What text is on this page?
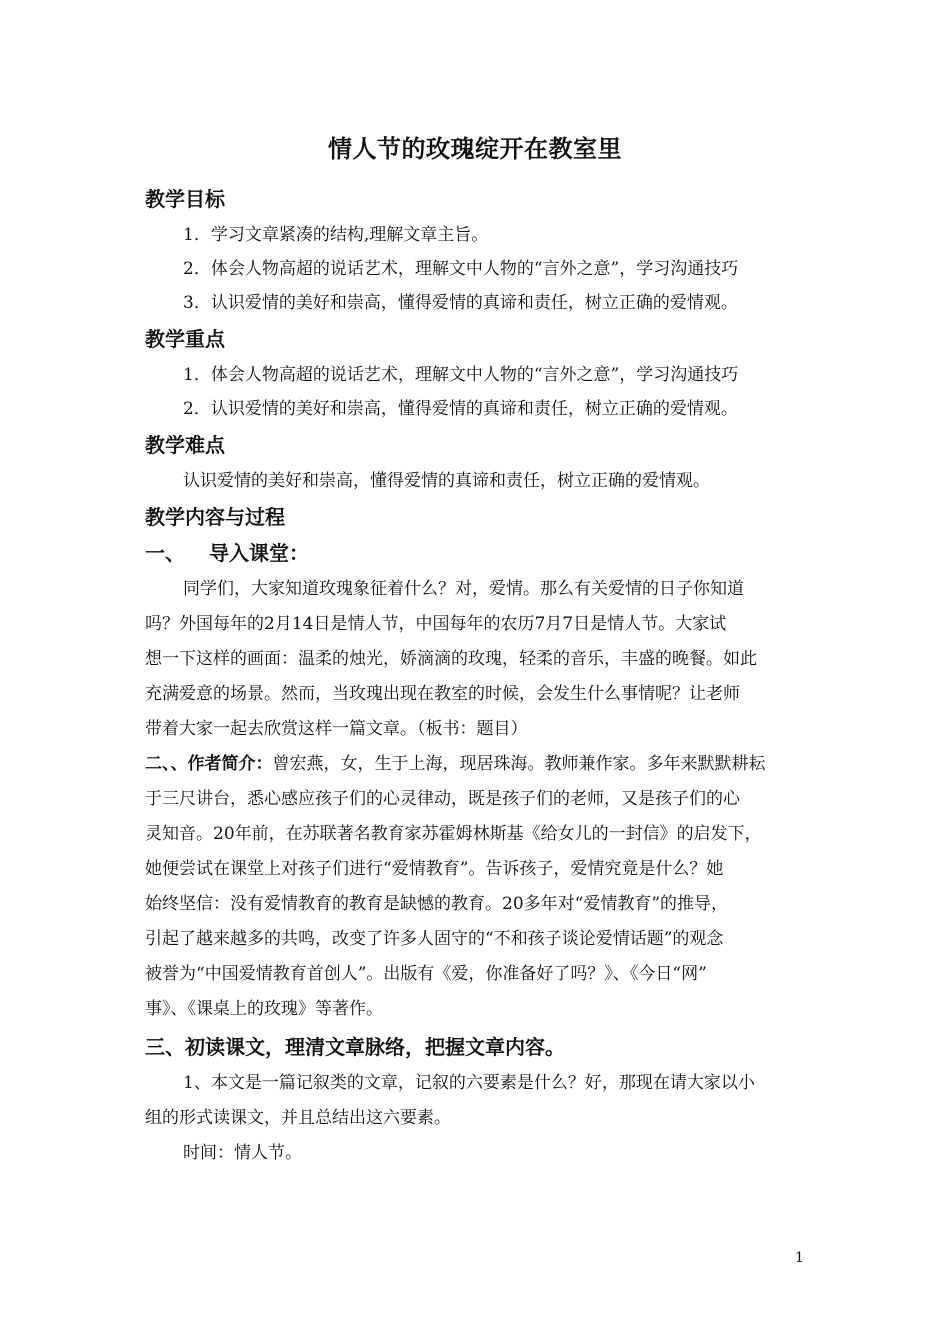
情人节的玫瑰绽开在教室里
教学目标
1．学习文章紧凑的结构,理解文章主旨。
2．体会人物高超的说话艺术，理解文中人物的“言外之意”，学习沟通技巧
3．认识爱情的美好和崇高，懂得爱情的真谛和责任，树立正确的爱情观。
教学重点
1．体会人物高超的说话艺术，理解文中人物的“言外之意”，学习沟通技巧
2．认识爱情的美好和崇高，懂得爱情的真谛和责任，树立正确的爱情观。
教学难点
认识爱情的美好和崇高，懂得爱情的真谛和责任，树立正确的爱情观。
教学内容与过程
一、 导入课堂：
同学们，大家知道玫瑰象征着什么？对，爱情。那么有关爱情的日子你知道
吗？外国每年的2月14日是情人节，中国每年的农历7月7日是情人节。大家试
想一下这样的画面：温柔的烛光，娇滴滴的玫瑰，轻柔的音乐，丰盛的晚餐。如此
充满爱意的场景。然而，当玫瑰出现在教室的时候，会发生什么事情呢？让老师
带着大家一起去欣赏这样一篇文章。（板书：题目）
二、、作者简介：曾宏燕，女，生于上海，现居珠海。教师兼作家。多年来默默耕耘
于三尺讲台，悉心感应孩子们的心灵律动，既是孩子们的老师，又是孩子们的心
灵知音。20年前，在苏联著名教育家苏霍姆林斯基《给女儿的一封信》的启发下，
她便尝试在课堂上对孩子们进行“爱情教育”。告诉孩子，爱情究竟是什么？她
始终坚信：没有爱情教育的教育是缺憾的教育。20多年对“爱情教育”的推导，
引起了越来越多的共鸣，改变了许多人固守的“不和孩子谈论爱情话题”的观念
被誉为“中国爱情教育首创人”。出版有《爱，你准备好了吗？》、《今日“网”
事》、《课桌上的玫瑰》等著作。
三、初读课文，理清文章脉络，把握文章内容。
1、本文是一篇记叙类的文章，记叙的六要素是什么？好，那现在请大家以小
组的形式读课文，并且总结出这六要素。
时间：情人节。
1
